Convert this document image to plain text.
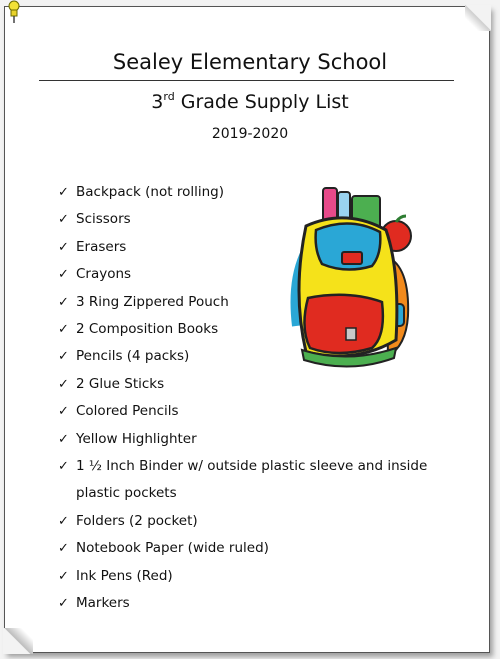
Sealey Elementary School
3rd Grade Supply List
2019-2020
✓ Backpack (not rolling)
✓ Scissors
✓ Erasers
✓ Crayons
✓ 3 Ring Zippered Pouch
✓ 2 Composition Books
✓ Pencils (4 packs)
✓ 2 Glue Sticks
✓ Colored Pencils
✓ Yellow Highlighter
✓ 1 ½ Inch Binder w/ outside plastic sleeve and inside plastic pockets
✓ Folders (2 pocket)
✓ Notebook Paper (wide ruled)
✓ Ink Pens (Red)
✓ Markers
